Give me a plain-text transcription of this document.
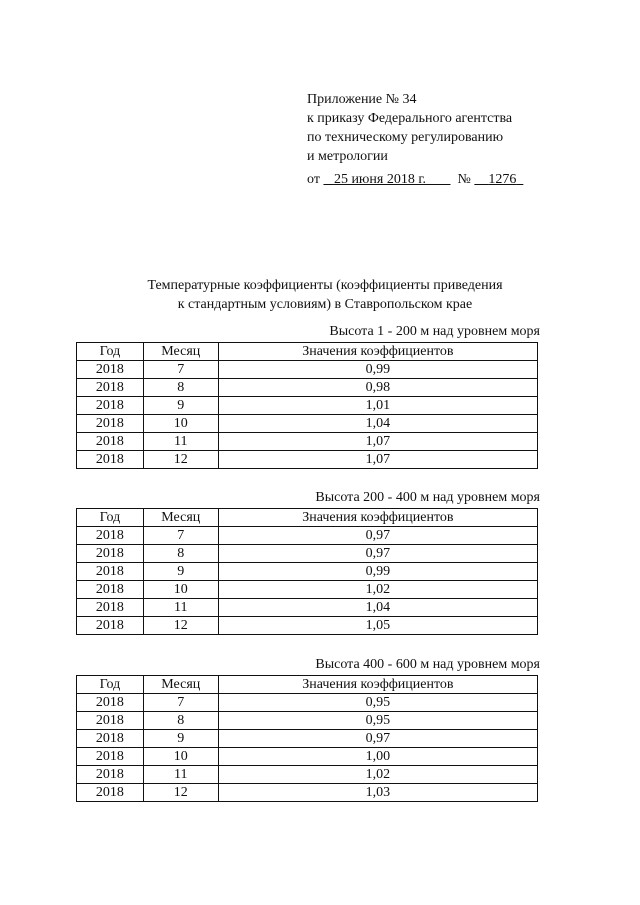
Приложение № 34
к приказу Федерального агентства
по техническому регулированию
и метрологии
от 25 июня 2018 г. № 1276
Температурные коэффициенты (коэффициенты приведения
к стандартным условиям) в Ставропольском крае
Высота 1 - 200 м над уровнем моря
Год	Месяц	Значения коэффициентов
2018	7	0,99
2018	8	0,98
2018	9	1,01
2018	10	1,04
2018	11	1,07
2018	12	1,07
Высота 200 - 400 м над уровнем моря
Год	Месяц	Значения коэффициентов
2018	7	0,97
2018	8	0,97
2018	9	0,99
2018	10	1,02
2018	11	1,04
2018	12	1,05
Высота 400 - 600 м над уровнем моря
Год	Месяц	Значения коэффициентов
2018	7	0,95
2018	8	0,95
2018	9	0,97
2018	10	1,00
2018	11	1,02
2018	12	1,03
